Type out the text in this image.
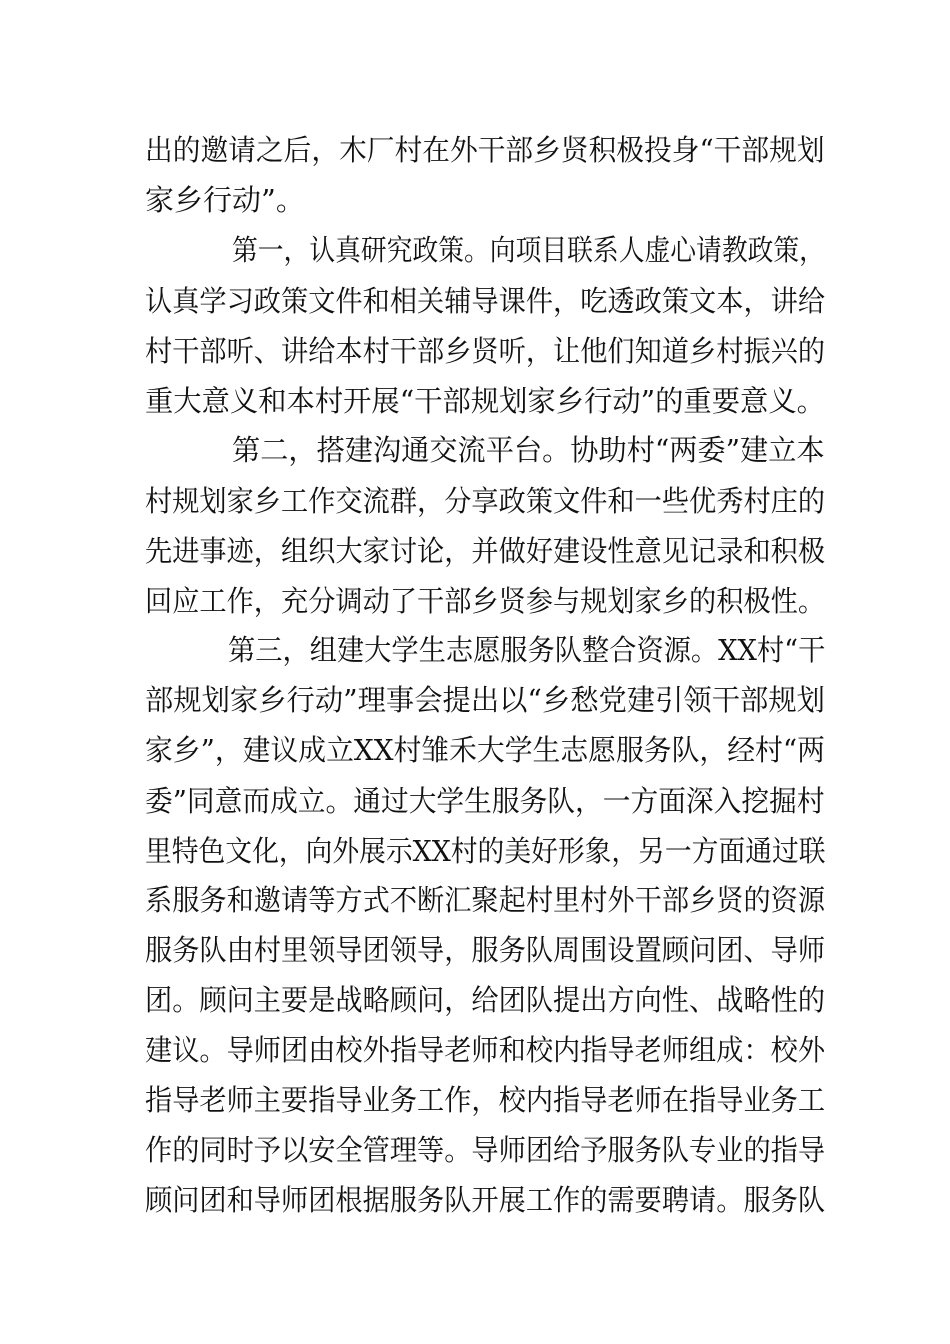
出的邀请之后，木厂村在外干部乡贤积极投身“干部规划
家乡行动”。
第一，认真研究政策。向项目联系人虚心请教政策，
认真学习政策文件和相关辅导课件，吃透政策文本，讲给
村干部听、讲给本村干部乡贤听，让他们知道乡村振兴的
重大意义和本村开展“干部规划家乡行动”的重要意义。
第二，搭建沟通交流平台。协助村“两委”建立本
村规划家乡工作交流群，分享政策文件和一些优秀村庄的
先进事迹，组织大家讨论，并做好建设性意见记录和积极
回应工作，充分调动了干部乡贤参与规划家乡的积极性。
第三，组建大学生志愿服务队整合资源。XX村“干
部规划家乡行动”理事会提出以“乡愁党建引领干部规划
家乡”，建议成立XX村雏禾大学生志愿服务队，经村“两
委”同意而成立。通过大学生服务队，一方面深入挖掘村
里特色文化，向外展示XX村的美好形象，另一方面通过联
系服务和邀请等方式不断汇聚起村里村外干部乡贤的资源
服务队由村里领导团领导，服务队周围设置顾问团、导师
团。顾问主要是战略顾问，给团队提出方向性、战略性的
建议。导师团由校外指导老师和校内指导老师组成：校外
指导老师主要指导业务工作，校内指导老师在指导业务工
作的同时予以安全管理等。导师团给予服务队专业的指导
顾问团和导师团根据服务队开展工作的需要聘请。服务队
